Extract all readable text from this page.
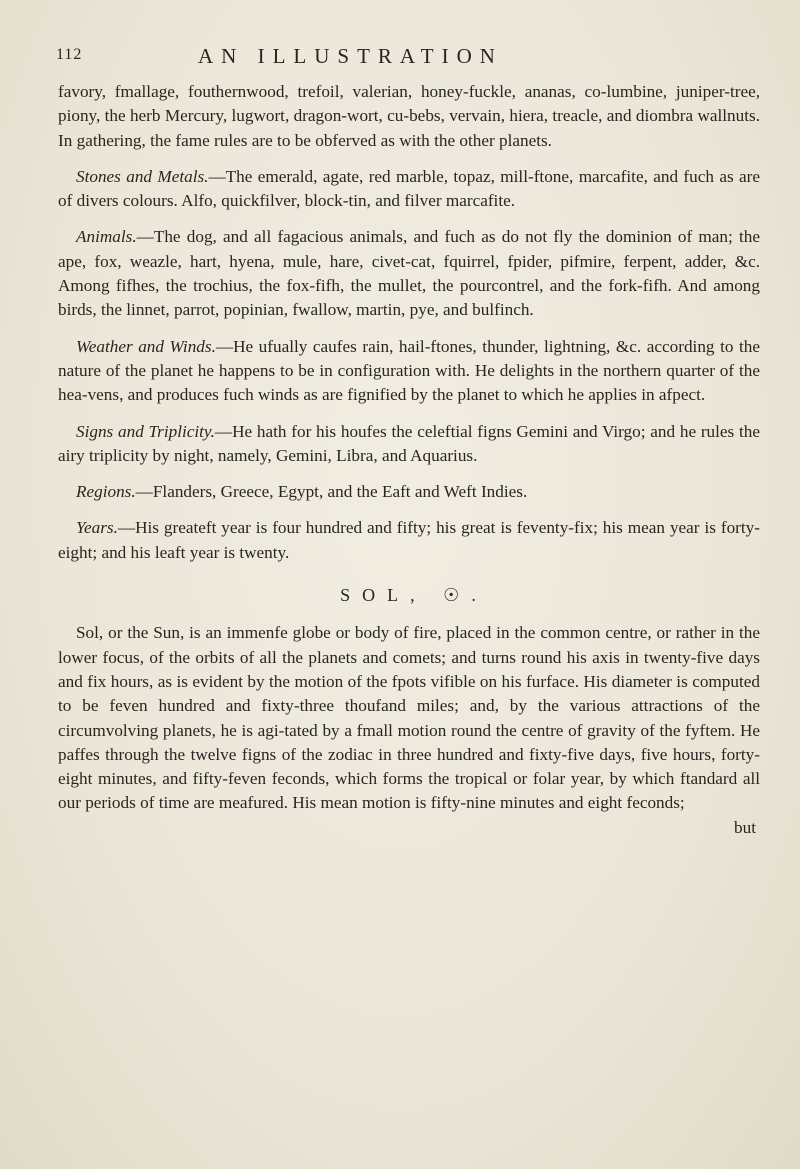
112	AN ILLUSTRATION

favory, fmallage, fouthernwood, trefoil, valerian, honey-fuckle, ananas, co-lumbine, juniper-tree, piony, the herb Mercury, lugwort, dragon-wort, cu-bebs, vervain, hiera, treacle, and diombra wallnuts. In gathering, the fame rules are to be obferved as with the other planets.

Stones and Metals.—The emerald, agate, red marble, topaz, mill-ftone, marcafite, and fuch as are of divers colours. Alfo, quickfilver, block-tin, and filver marcafite.

Animals.—The dog, and all fagacious animals, and fuch as do not fly the dominion of man; the ape, fox, weazle, hart, hyena, mule, hare, civet-cat, fquirrel, fpider, pifmire, ferpent, adder, &c. Among fifhes, the trochius, the fox-fifh, the mullet, the pourcontrel, and the fork-fifh. And among birds, the linnet, parrot, popinian, fwallow, martin, pye, and bulfinch.

Weather and Winds.—He ufually caufes rain, hail-ftones, thunder, lightning, &c. according to the nature of the planet he happens to be in configuration with. He delights in the northern quarter of the hea-vens, and produces fuch winds as are fignified by the planet to which he applies in afpect.

Signs and Triplicity.—He hath for his houfes the celeftial figns Gemini and Virgo; and he rules the airy triplicity by night, namely, Gemini, Libra, and Aquarius.

Regions.—Flanders, Greece, Egypt, and the Eaft and Weft Indies.

Years.—His greateft year is four hundred and fifty; his great is feventy-fix; his mean year is forty-eight; and his leaft year is twenty.

SOL, ☉.

Sol, or the Sun, is an immenfe globe or body of fire, placed in the common centre, or rather in the lower focus, of the orbits of all the planets and comets; and turns round his axis in twenty-five days and fix hours, as is evident by the motion of the fpots vifible on his furface. His diameter is computed to be feven hundred and fixty-three thoufand miles; and, by the various attractions of the circumvolving planets, he is agi-tated by a fmall motion round the centre of gravity of the fyftem. He paffes through the twelve figns of the zodiac in three hundred and fixty-five days, five hours, forty-eight minutes, and fifty-feven feconds, which forms the tropical or folar year, by which ftandard all our periods of time are meafured. His mean motion is fifty-nine minutes and eight feconds;

but
